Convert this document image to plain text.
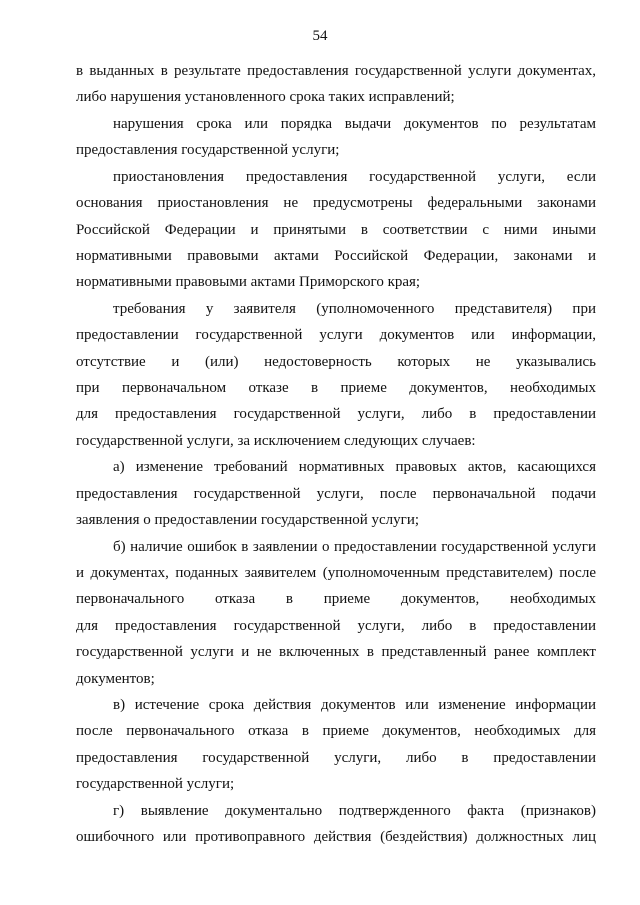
54
в выданных в результате предоставления государственной услуги документах,
либо нарушения установленного срока таких исправлений;
нарушения срока или порядка выдачи документов по результатам
предоставления государственной услуги;
приостановления предоставления государственной услуги, если
основания приостановления не предусмотрены федеральными законами
Российской Федерации и принятыми в соответствии с ними иными
нормативными правовыми актами Российской Федерации, законами и
нормативными правовыми актами Приморского края;
требования у заявителя (уполномоченного представителя) при
предоставлении государственной услуги документов или информации,
отсутствие и (или) недостоверность которых не указывались
при первоначальном отказе в приеме документов, необходимых
для предоставления государственной услуги, либо в предоставлении
государственной услуги, за исключением следующих случаев:
а) изменение требований нормативных правовых актов, касающихся
предоставления государственной услуги, после первоначальной подачи
заявления о предоставлении государственной услуги;
б) наличие ошибок в заявлении о предоставлении государственной услуги
и документах, поданных заявителем (уполномоченным представителем) после
первоначального отказа в приеме документов, необходимых
для предоставления государственной услуги, либо в предоставлении
государственной услуги и не включенных в представленный ранее комплект
документов;
в) истечение срока действия документов или изменение информации
после первоначального отказа в приеме документов, необходимых для
предоставления государственной услуги, либо в предоставлении
государственной услуги;
г) выявление документально подтвержденного факта (признаков)
ошибочного или противоправного действия (бездействия) должностных лиц
